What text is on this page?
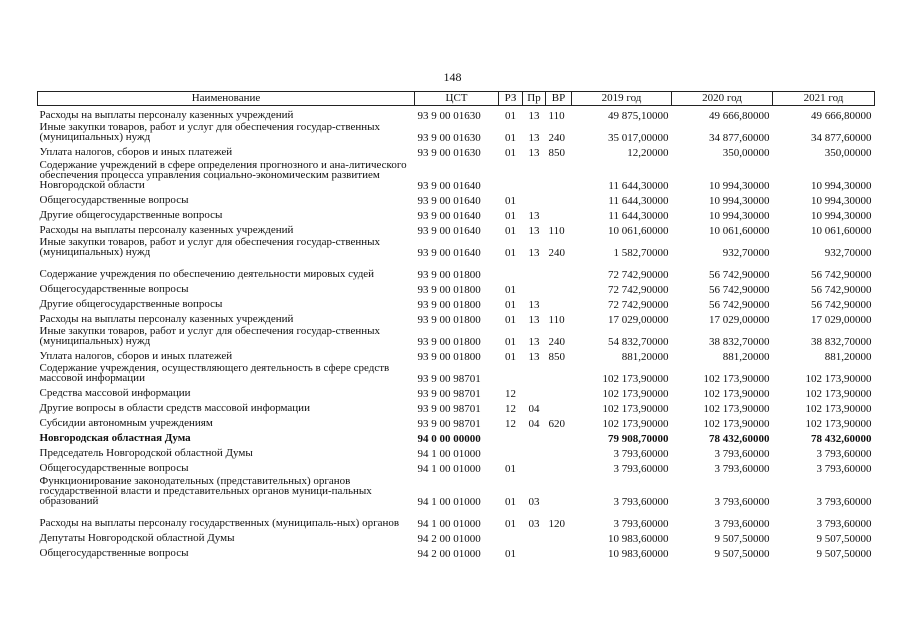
148
Наименование	ЦСТ	РЗ	Пр	ВР	2019 год	2020 год	2021 год
Расходы на выплаты персоналу казенных учреждений	93 9 00 01630	01	13	110	49 875,10000	49 666,80000	49 666,80000
Иные закупки товаров, работ и услуг для обеспечения государ-ственных (муниципальных) нужд	93 9 00 01630	01	13	240	35 017,00000	34 877,60000	34 877,60000
Уплата налогов, сборов и иных платежей	93 9 00 01630	01	13	850	12,20000	350,00000	350,00000
Содержание учреждений в сфере определения прогнозного и ана-литического обеспечения процесса управления социально-экономическим развитием Новгородской области	93 9 00 01640				11 644,30000	10 994,30000	10 994,30000
Общегосударственные вопросы	93 9 00 01640	01			11 644,30000	10 994,30000	10 994,30000
Другие общегосударственные вопросы	93 9 00 01640	01	13		11 644,30000	10 994,30000	10 994,30000
Расходы на выплаты персоналу казенных учреждений	93 9 00 01640	01	13	110	10 061,60000	10 061,60000	10 061,60000
Иные закупки товаров, работ и услуг для обеспечения государ-ственных (муниципальных) нужд	93 9 00 01640	01	13	240	1 582,70000	932,70000	932,70000
Содержание учреждения по обеспечению деятельности мировых судей	93 9 00 01800				72 742,90000	56 742,90000	56 742,90000
Общегосударственные вопросы	93 9 00 01800	01			72 742,90000	56 742,90000	56 742,90000
Другие общегосударственные вопросы	93 9 00 01800	01	13		72 742,90000	56 742,90000	56 742,90000
Расходы на выплаты персоналу казенных учреждений	93 9 00 01800	01	13	110	17 029,00000	17 029,00000	17 029,00000
Иные закупки товаров, работ и услуг для обеспечения государ-ственных (муниципальных) нужд	93 9 00 01800	01	13	240	54 832,70000	38 832,70000	38 832,70000
Уплата налогов, сборов и иных платежей	93 9 00 01800	01	13	850	881,20000	881,20000	881,20000
Содержание учреждения, осуществляющего деятельность в сфере средств массовой информации	93 9 00 98701				102 173,90000	102 173,90000	102 173,90000
Средства массовой информации	93 9 00 98701	12			102 173,90000	102 173,90000	102 173,90000
Другие вопросы в области средств массовой информации	93 9 00 98701	12	04		102 173,90000	102 173,90000	102 173,90000
Субсидии автономным учреждениям	93 9 00 98701	12	04	620	102 173,90000	102 173,90000	102 173,90000
Новгородская областная Дума	94 0 00 00000				79 908,70000	78 432,60000	78 432,60000
Председатель Новгородской областной Думы	94 1 00 01000				3 793,60000	3 793,60000	3 793,60000
Общегосударственные вопросы	94 1 00 01000	01			3 793,60000	3 793,60000	3 793,60000
Функционирование законодательных (представительных) органов государственной власти и представительных органов муници-пальных образований	94 1 00 01000	01	03		3 793,60000	3 793,60000	3 793,60000
Расходы на выплаты персоналу государственных (муниципаль-ных) органов	94 1 00 01000	01	03	120	3 793,60000	3 793,60000	3 793,60000
Депутаты Новгородской областной Думы	94 2 00 01000				10 983,60000	9 507,50000	9 507,50000
Общегосударственные вопросы	94 2 00 01000	01			10 983,60000	9 507,50000	9 507,50000
